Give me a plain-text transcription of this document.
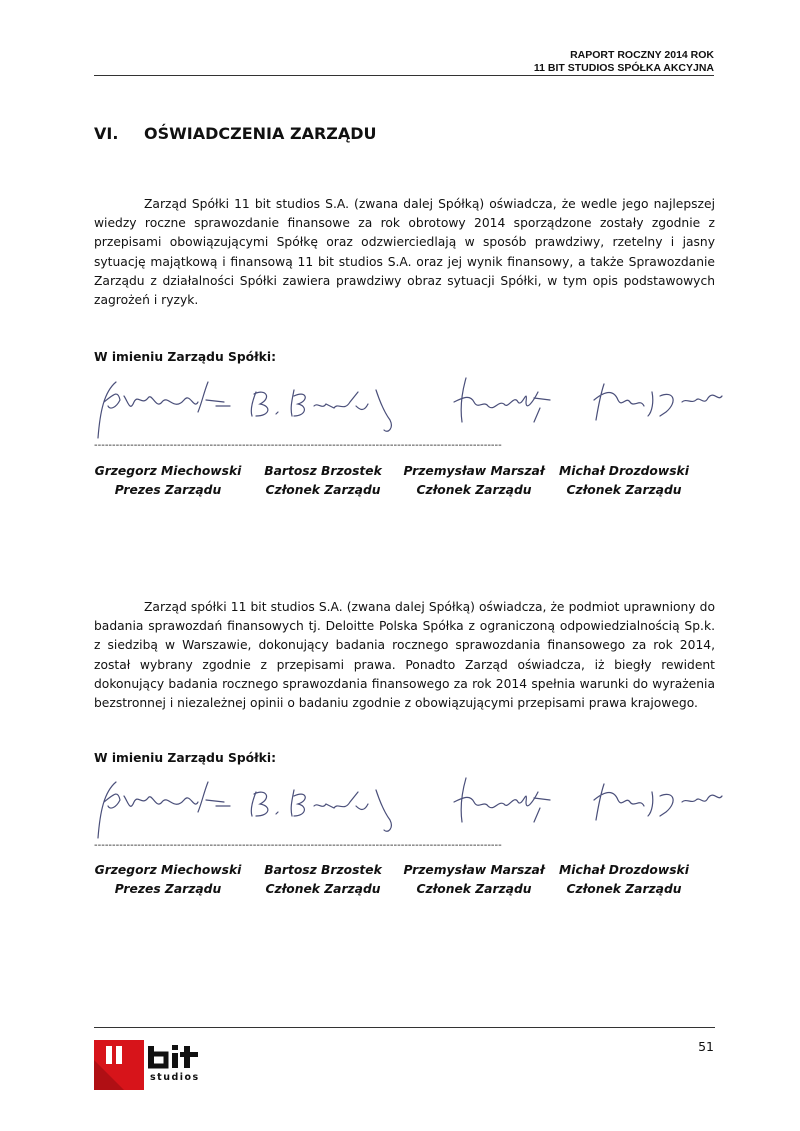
RAPORT ROCZNY 2014 ROK
11 BIT STUDIOS SPÓŁKA AKCYJNA
VI. OŚWIADCZENIA ZARZĄDU

Zarząd Spółki 11 bit studios S.A. (zwana dalej Spółką) oświadcza, że wedle jego najlepszej wiedzy roczne sprawozdanie finansowe za rok obrotowy 2014 sporządzone zostały zgodnie z przepisami obowiązującymi Spółkę oraz odzwierciedlają w sposób prawdziwy, rzetelny i jasny sytuację majątkową i finansową 11 bit studios S.A. oraz jej wynik finansowy, a także Sprawozdanie Zarządu z działalności Spółki zawiera prawdziwy obraz sytuacji Spółki, w tym opis podstawowych zagrożeń i ryzyk.

W imieniu Zarządu Spółki:
-----------------------------------------------------------------------------------------------------------------
Grzegorz Miechowski
Prezes Zarządu
Bartosz Brzostek
Członek Zarządu
Przemysław Marszał
Członek Zarządu
Michał Drozdowski
Członek Zarządu

Zarząd spółki 11 bit studios S.A. (zwana dalej Spółką) oświadcza, że podmiot uprawniony do badania sprawozdań finansowych tj. Deloitte Polska Spółka z ograniczoną odpowiedzialnością Sp.k. z siedzibą w Warszawie, dokonujący badania rocznego sprawozdania finansowego za rok 2014, został wybrany zgodnie z przepisami prawa. Ponadto Zarząd oświadcza, iż biegły rewident dokonujący badania rocznego sprawozdania finansowego za rok 2014 spełnia warunki do wyrażenia bezstronnej i niezależnej opinii o badaniu zgodnie z obowiązującymi przepisami prawa krajowego.

W imieniu Zarządu Spółki:
-----------------------------------------------------------------------------------------------------------------
Grzegorz Miechowski
Prezes Zarządu
Bartosz Brzostek
Członek Zarządu
Przemysław Marszał
Członek Zarządu
Michał Drozdowski
Członek Zarządu
51
studios
